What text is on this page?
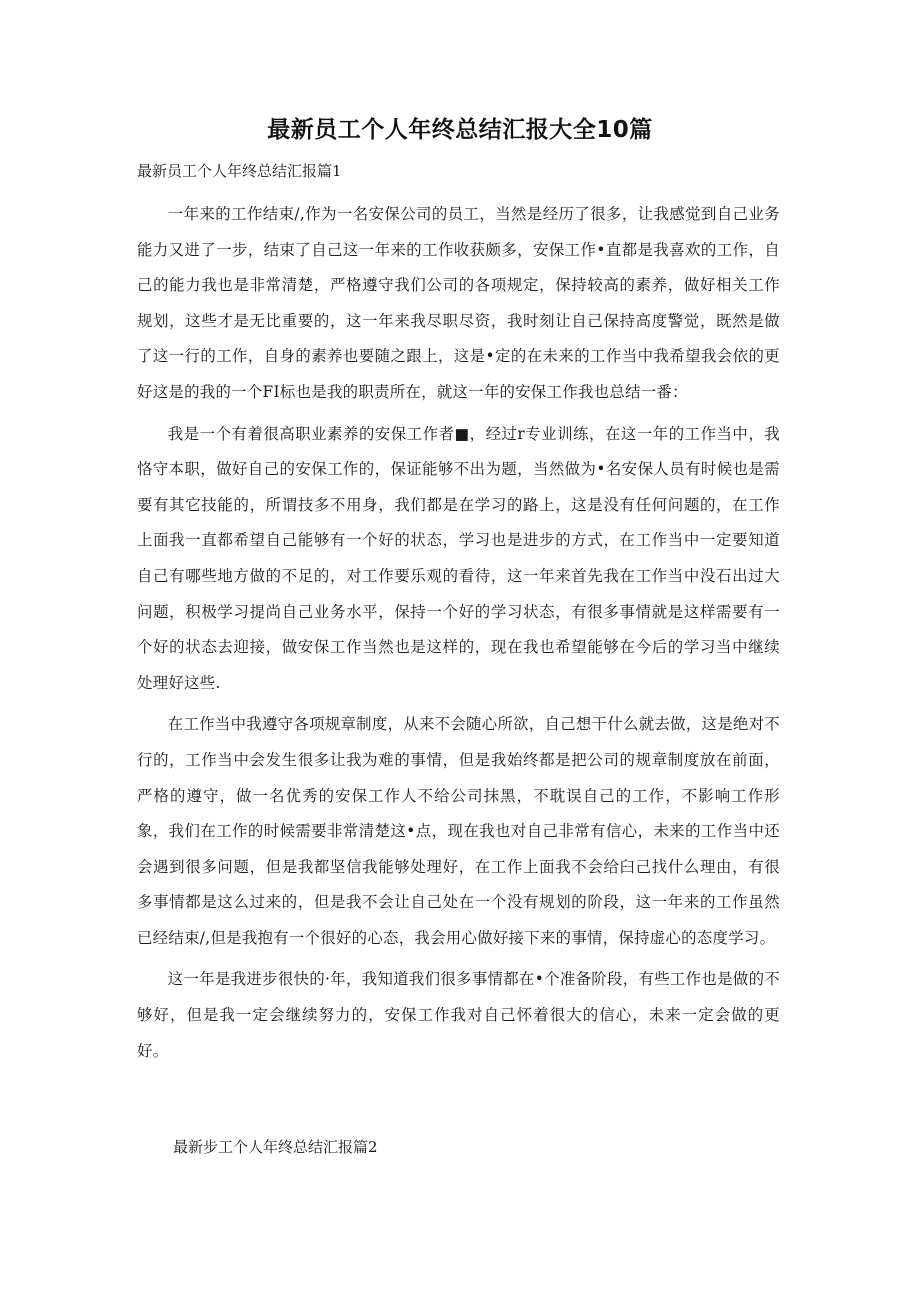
最新员工个人年终总结汇报大全10篇
最新员工个人年终总结汇报篇1

一年来的工作结束/,作为一名安保公司的员工，当然是经历了很多，让我感觉到自己业务能力又进了一步，结束了自己这一年来的工作收获颇多，安保工作•直都是我喜欢的工作，自己的能力我也是非常清楚，严格遵守我们公司的各项规定，保持较高的素养，做好相关工作规划，这些才是无比重要的，这一年来我尽职尽资，我时刻让自己保持高度警觉，既然是做了这一行的工作，自身的素养也要随之跟上，这是•定的在未来的工作当中我希望我会依的更好这是的我的一个FI标也是我的职责所在，就这一年的安保工作我也总结一番：

我是一个有着很高职业素养的安保工作者■，经过r专业训练，在这一年的工作当中，我恪守本职，做好自己的安保工作的，保证能够不出为题，当然做为•名安保人员有时候也是需要有其它技能的，所谓技多不用身，我们都是在学习的路上，这是没有任何问题的，在工作上面我一直都希望自己能够有一个好的状态，学习也是进步的方式，在工作当中一定要知道自己有哪些地方做的不足的，对工作要乐观的看待，这一年来首先我在工作当中没石出过大问题，积极学习提尚自己业务水平，保持一个好的学习状态，有很多事情就是这样需要有一个好的状态去迎接，做安保工作当然也是这样的，现在我也希望能够在今后的学习当中继续处理好这些.

在工作当中我遵守各项规章制度，从来不会随心所欲，自己想干什么就去做，这是绝对不行的，工作当中会发生很多让我为难的事情，但是我始终都是把公司的规章制度放在前面，严格的遵守，做一名优秀的安保工作人不给公司抹黑，不耽误自己的工作，不影响工作形象，我们在工作的时候需要非常清楚这•点，现在我也对自己非常有信心，未来的工作当中还会遇到很多问题，但是我都坚信我能够处理好，在工作上面我不会给臼己找什么理由，有很多事情都是这么过来的，但是我不会让自己处在一个没有规划的阶段，这一年来的工作虽然已经结束/,但是我抱有一个很好的心态，我会用心做好接下来的事情，保持虚心的态度学习。

这一年是我进步很快的·年，我知道我们很多事情都在•个准备阶段，有些工作也是做的不够好，但是我一定会继续努力的，安保工作我对自己怀着很大的信心，未来一定会做的更好。

最新步工个人年终总结汇报篇2
